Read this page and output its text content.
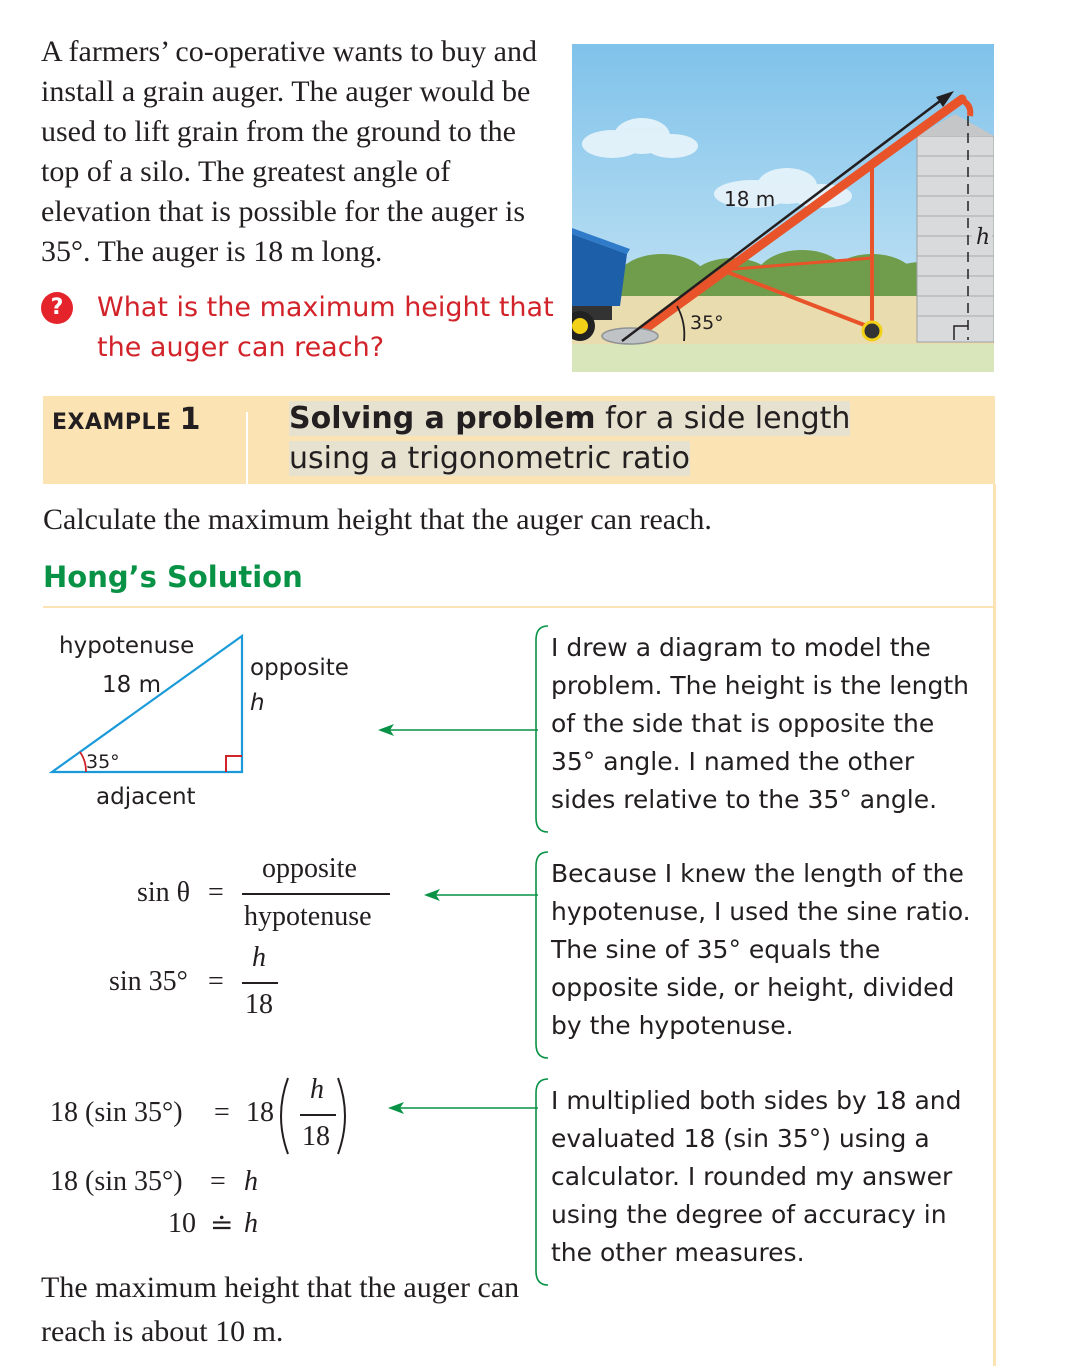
A farmers’ co-operative wants to buy and install a grain auger. The auger would be used to lift grain from the ground to the top of a silo. The greatest angle of elevation that is possible for the auger is 35°. The auger is 18 m long.
?	What is the maximum height that the auger can reach?
18 m
35°
h
EXAMPLE 1	Solving a problem for a side length
using a trigonometric ratio
Calculate the maximum height that the auger can reach.
Hong’s Solution
hypotenuse
18 m
opposite
h
35°
adjacent
I drew a diagram to model the problem. The height is the length of the side that is opposite the 35° angle. I named the other sides relative to the 35° angle.
Because I knew the length of the hypotenuse, I used the sine ratio. The sine of 35° equals the opposite side, or height, divided by the hypotenuse.
I multiplied both sides by 18 and evaluated 18 (sin 35°) using a calculator. I rounded my answer using the degree of accuracy in the other measures.
sin θ =
opposite
hypotenuse
sin 35° =
h
18
18 (sin 35°) = 18
h
18
18 (sin 35°) = h
10 ≐ h
The maximum height that the auger can reach is about 10 m.
